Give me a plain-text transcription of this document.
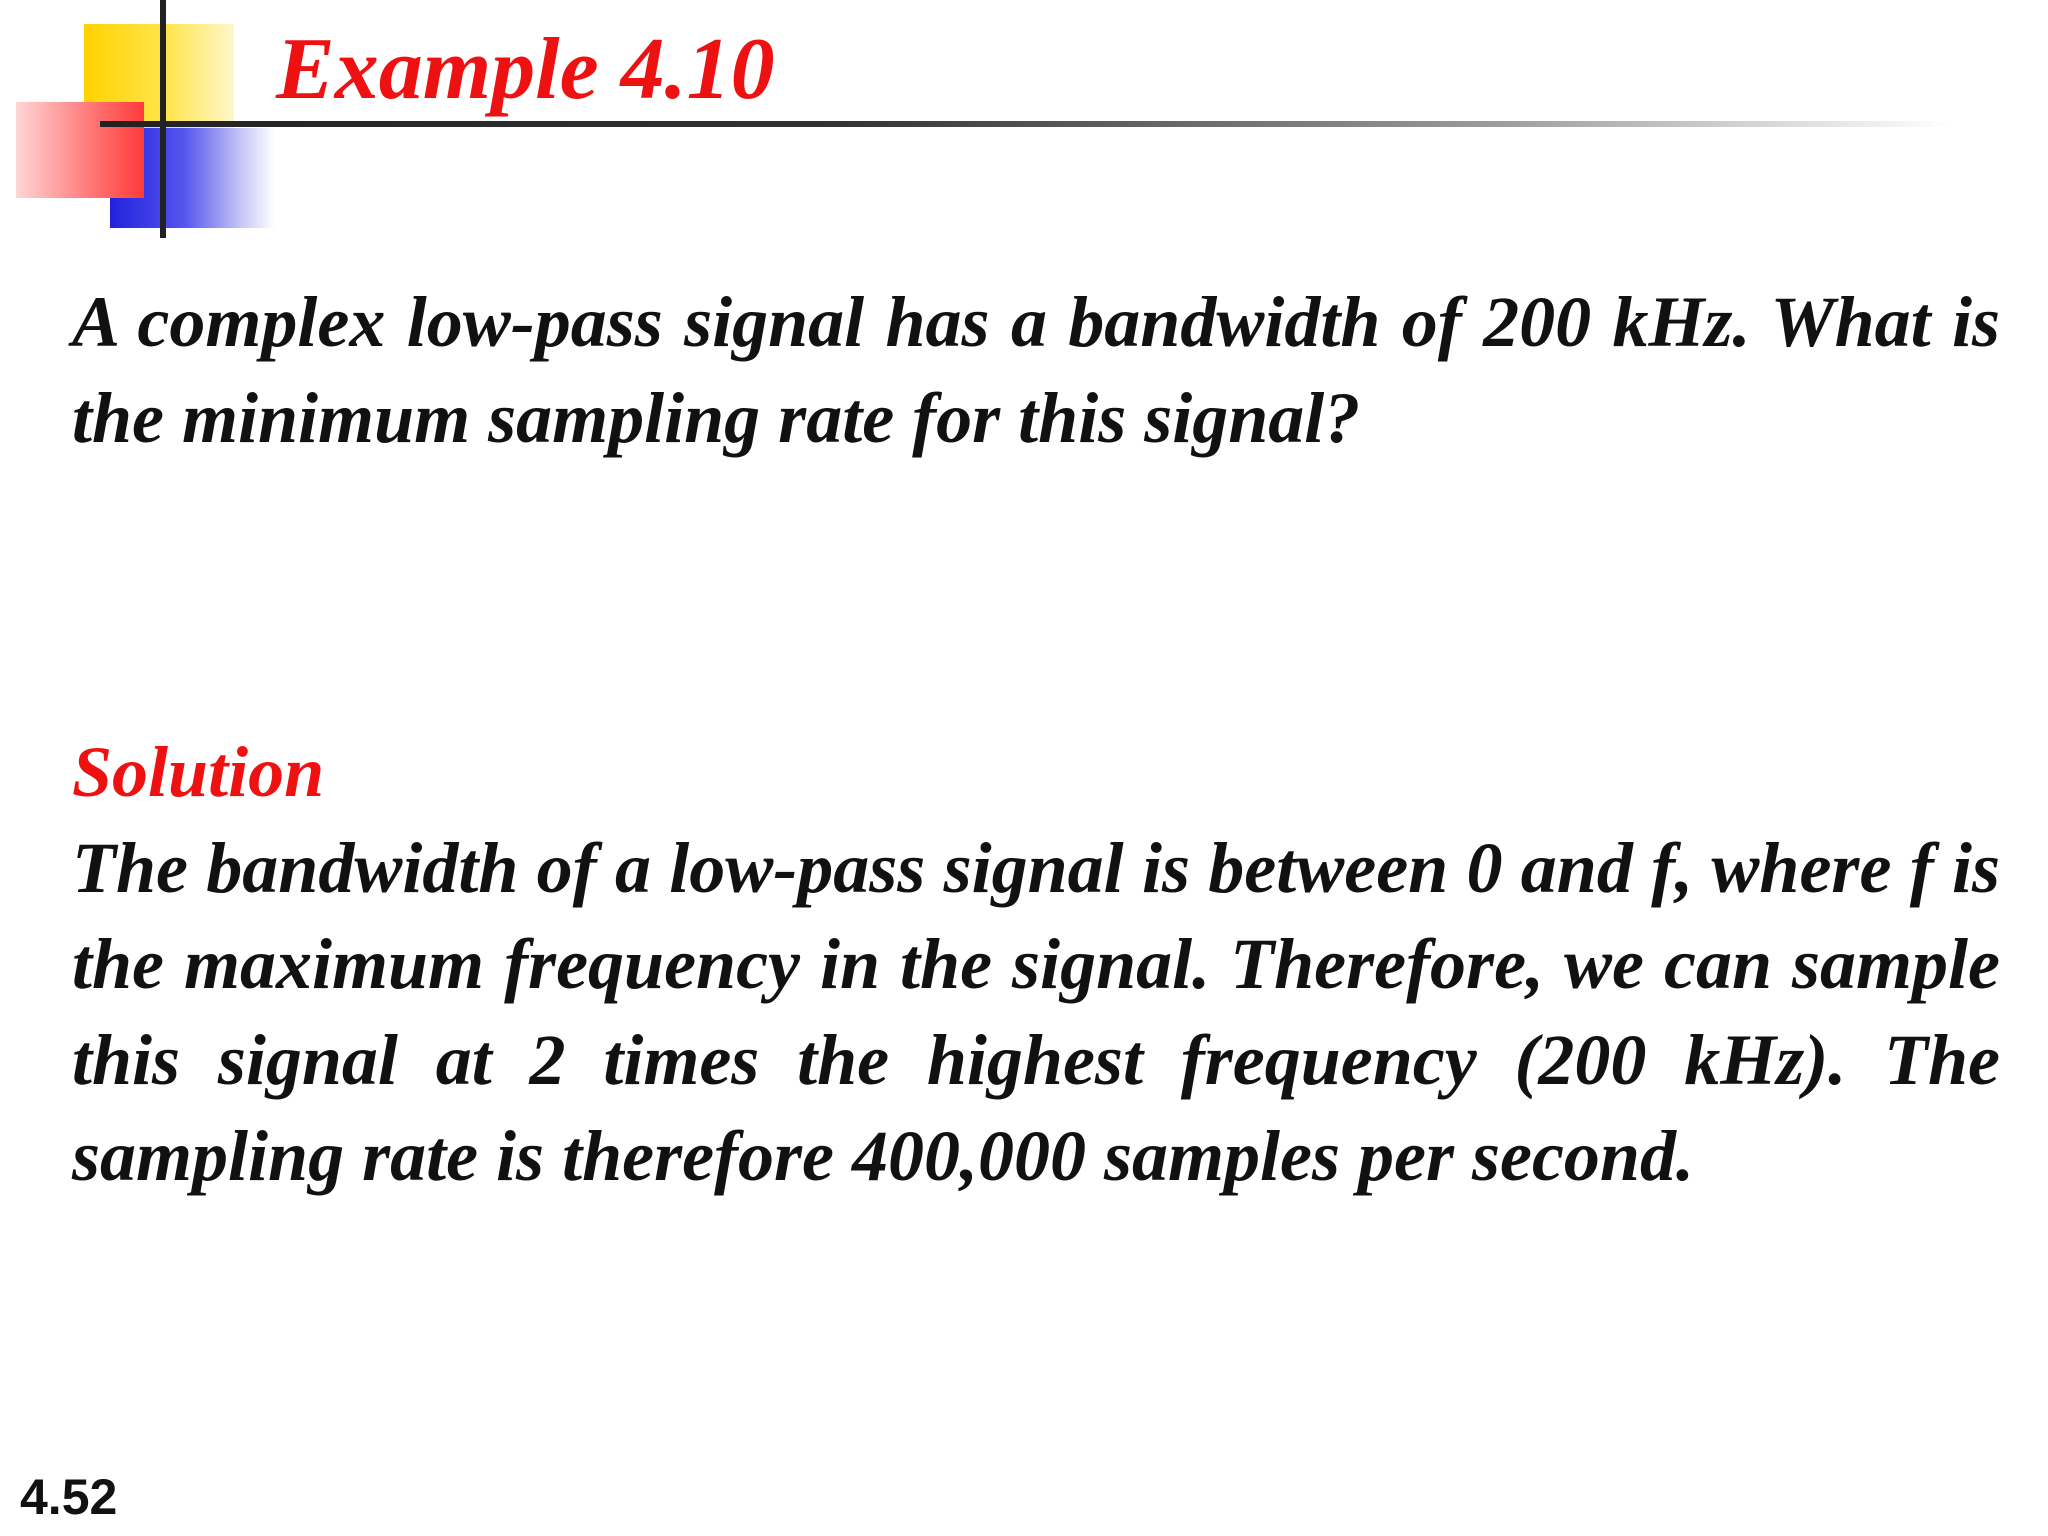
Example 4.10

A complex low-pass signal has a bandwidth of 200 kHz. What is the minimum sampling rate for this signal?

Solution

The bandwidth of a low-pass signal is between 0 and f, where f is the maximum frequency in the signal. Therefore, we can sample this signal at 2 times the highest frequency (200 kHz). The sampling rate is therefore 400,000 samples per second.

4.52
